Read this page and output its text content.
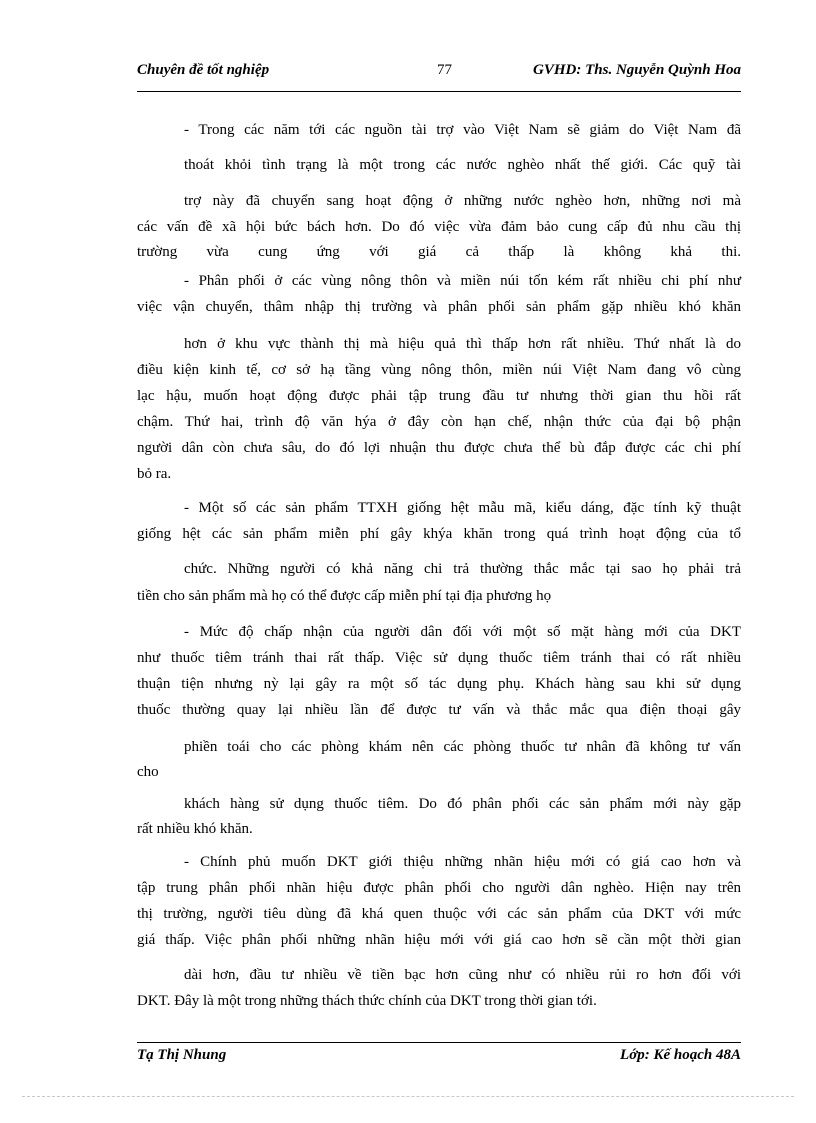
Chuyên đề tốt nghiệp	77	GVHD: Ths. Nguyễn Quỳnh Hoa
- Trong các năm tới các nguồn tài trợ vào Việt Nam sẽ giảm do Việt Nam đã
thoát khỏi tình trạng là một trong các nước nghèo nhất thế giới. Các quỹ tài
trợ này đã chuyển sang hoạt động ở những nước nghèo hơn, những nơi mà
các vấn đề xã hội bức bách hơn. Do đó việc vừa đảm bảo cung cấp đủ nhu cầu thị
trường vừa cung ứng với giá cả thấp là không khả thi.
- Phân phối ở các vùng nông thôn và miền núi tốn kém rất nhiều chi phí như
việc vận chuyển, thâm nhập thị trường và phân phối sản phẩm gặp nhiều khó khăn
hơn ở khu vực thành thị mà hiệu quả thì thấp hơn rất nhiều. Thứ nhất là do
điều kiện kinh tế, cơ sở hạ tầng vùng nông thôn, miền núi Việt Nam đang vô cùng
lạc hậu, muốn hoạt động được phải tập trung đầu tư nhưng thời gian thu hồi rất
chậm. Thứ hai, trình độ văn hýa ở đây còn hạn chế, nhận thức của đại bộ phận
người dân còn chưa sâu, do đó lợi nhuận thu được chưa thể bù đắp được các chi phí
bỏ ra.
- Một số các sản phẩm TTXH giống hệt mẫu mã, kiểu dáng, đặc tính kỹ thuật
giống hệt các sản phẩm miễn phí gây khýa khăn trong quá trình hoạt động của tổ
chức. Những người có khả năng chi trả thường thắc mắc tại sao họ phải trả
tiền cho sản phẩm mà họ có thể được cấp miễn phí tại địa phương họ
- Mức độ chấp nhận của người dân đối với một số mặt hàng mới của DKT
như thuốc tiêm tránh thai rất thấp. Việc sử dụng thuốc tiêm tránh thai có rất nhiều
thuận tiện nhưng nỳ lại gây ra một số tác dụng phụ. Khách hàng sau khi sử dụng
thuốc thường quay lại nhiều lần để được tư vấn và thắc mắc qua điện thoại gây
phiền toái cho các phòng khám nên các phòng thuốc tư nhân đã không tư vấn
cho
khách hàng sử dụng thuốc tiêm. Do đó phân phối các sản phẩm mới này gặp
rất nhiều khó khăn.
- Chính phủ muốn DKT giới thiệu những nhãn hiệu mới có giá cao hơn và
tập trung phân phối nhãn hiệu được phân phối cho người dân nghèo. Hiện nay trên
thị trường, người tiêu dùng đã khá quen thuộc với các sản phẩm của DKT với mức
giá thấp. Việc phân phối những nhãn hiệu mới với giá cao hơn sẽ cần một thời gian
dài hơn, đầu tư nhiều về tiền bạc hơn cũng như có nhiều rủi ro hơn đối với
DKT. Đây là một trong những thách thức chính của DKT trong thời gian tới.
Tạ Thị Nhung	Lớp: Kế hoạch 48A
